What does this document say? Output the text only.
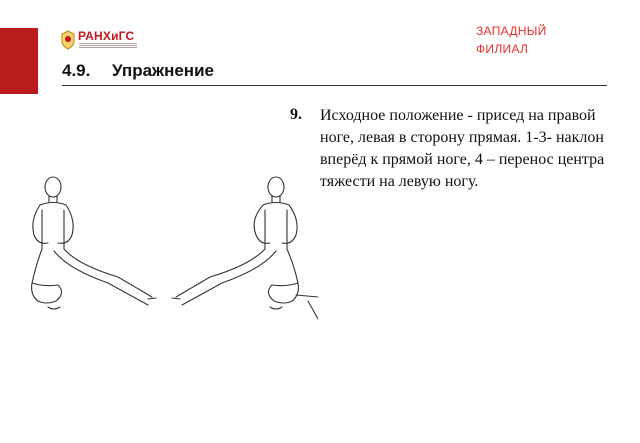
РАНХиГС	ЗАПАДНЫЙ
ФИЛИАЛ
4.9. Упражнение
9. Исходное положение - присед на правой ноге, левая в сторону прямая. 1-3- наклон вперёд к прямой ноге, 4 – перенос центра тяжести на левую ногу.
